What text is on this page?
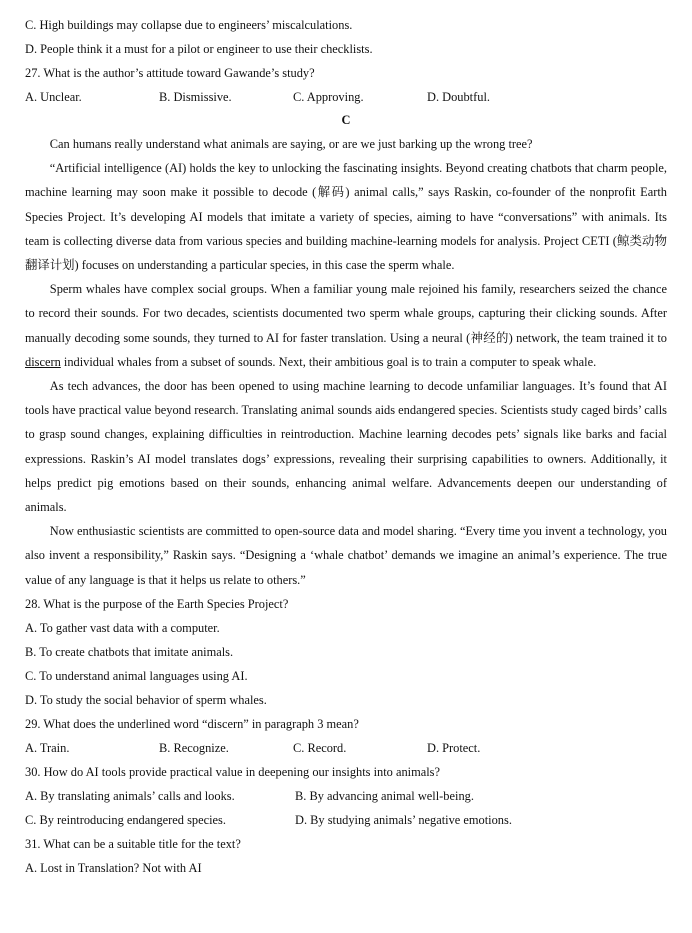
C. High buildings may collapse due to engineers’ miscalculations.
D. People think it a must for a pilot or engineer to use their checklists.
27. What is the author’s attitude toward Gawande’s study?
A. Unclear.	B. Dismissive.	C. Approving.	D. Doubtful.
C

Can humans really understand what animals are saying, or are we just barking up the wrong tree?

“Artificial intelligence (AI) holds the key to unlocking the fascinating insights. Beyond creating chatbots that charm people, machine learning may soon make it possible to decode (解码) animal calls,” says Raskin, co-founder of the nonprofit Earth Species Project. It’s developing AI models that imitate a variety of species, aiming to have “conversations” with animals. Its team is collecting diverse data from various species and building machine-learning models for analysis. Project CETI (鲸类动物翻译计划) focuses on understanding a particular species, in this case the sperm whale.

Sperm whales have complex social groups. When a familiar young male rejoined his family, researchers seized the chance to record their sounds. For two decades, scientists documented two sperm whale groups, capturing their clicking sounds. After manually decoding some sounds, they turned to AI for faster translation. Using a neural (神经的) network, the team trained it to discern individual whales from a subset of sounds. Next, their ambitious goal is to train a computer to speak whale.

As tech advances, the door has been opened to using machine learning to decode unfamiliar languages. It’s found that AI tools have practical value beyond research. Translating animal sounds aids endangered species. Scientists study caged birds’ calls to grasp sound changes, explaining difficulties in reintroduction. Machine learning decodes pets’ signals like barks and facial expressions. Raskin’s AI model translates dogs’ expressions, revealing their surprising capabilities to owners. Additionally, it helps predict pig emotions based on their sounds, enhancing animal welfare. Advancements deepen our understanding of animals.

Now enthusiastic scientists are committed to open-source data and model sharing. “Every time you invent a technology, you also invent a responsibility,” Raskin says. “Designing a ‘whale chatbot’ demands we imagine an animal’s experience. The true value of any language is that it helps us relate to others.”

28. What is the purpose of the Earth Species Project?
A. To gather vast data with a computer.
B. To create chatbots that imitate animals.
C. To understand animal languages using AI.
D. To study the social behavior of sperm whales.
29. What does the underlined word “discern” in paragraph 3 mean?
A. Train.	B. Recognize.	C. Record.	D. Protect.
30. How do AI tools provide practical value in deepening our insights into animals?
A. By translating animals’ calls and looks.	B. By advancing animal well-being.
C. By reintroducing endangered species.	D. By studying animals’ negative emotions.
31. What can be a suitable title for the text?
A. Lost in Translation? Not with AI
